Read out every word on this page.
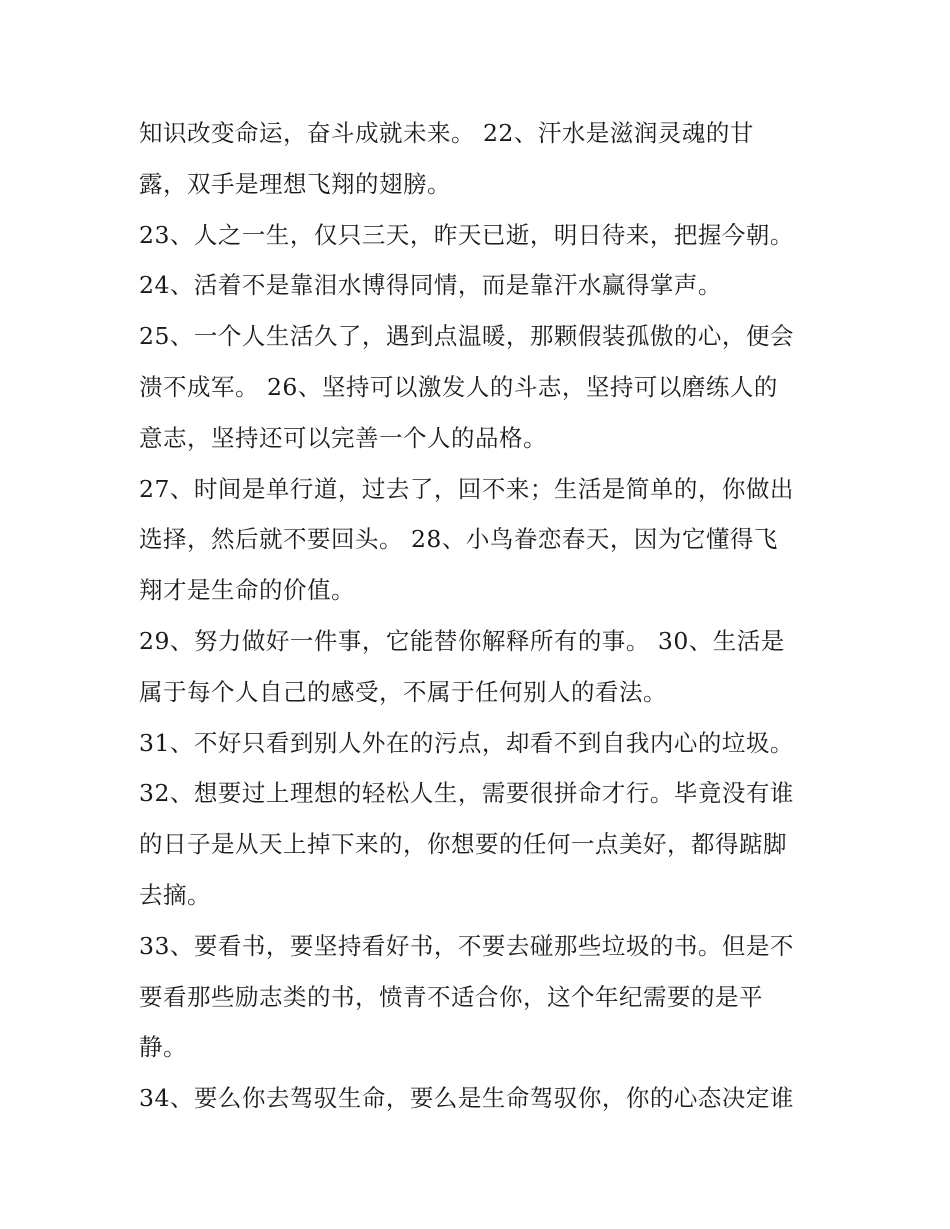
知识改变命运，奋斗成就未来。 22、汗水是滋润灵魂的甘
露，双手是理想飞翔的翅膀。
23、人之一生，仅只三天，昨天已逝，明日待来，把握今朝。
24、活着不是靠泪水博得同情，而是靠汗水赢得掌声。
25、一个人生活久了，遇到点温暖，那颗假装孤傲的心，便会
溃不成军。 26、坚持可以激发人的斗志，坚持可以磨练人的
意志，坚持还可以完善一个人的品格。
27、时间是单行道，过去了，回不来；生活是简单的，你做出
选择，然后就不要回头。 28、小鸟眷恋春天，因为它懂得飞
翔才是生命的价值。
29、努力做好一件事，它能替你解释所有的事。 30、生活是
属于每个人自己的感受，不属于任何别人的看法。
31、不好只看到别人外在的污点，却看不到自我内心的垃圾。
32、想要过上理想的轻松人生，需要很拼命才行。毕竟没有谁
的日子是从天上掉下来的，你想要的任何一点美好，都得踮脚
去摘。
33、要看书，要坚持看好书，不要去碰那些垃圾的书。但是不
要看那些励志类的书，愤青不适合你，这个年纪需要的是平
静。
34、要么你去驾驭生命，要么是生命驾驭你，你的心态决定谁
